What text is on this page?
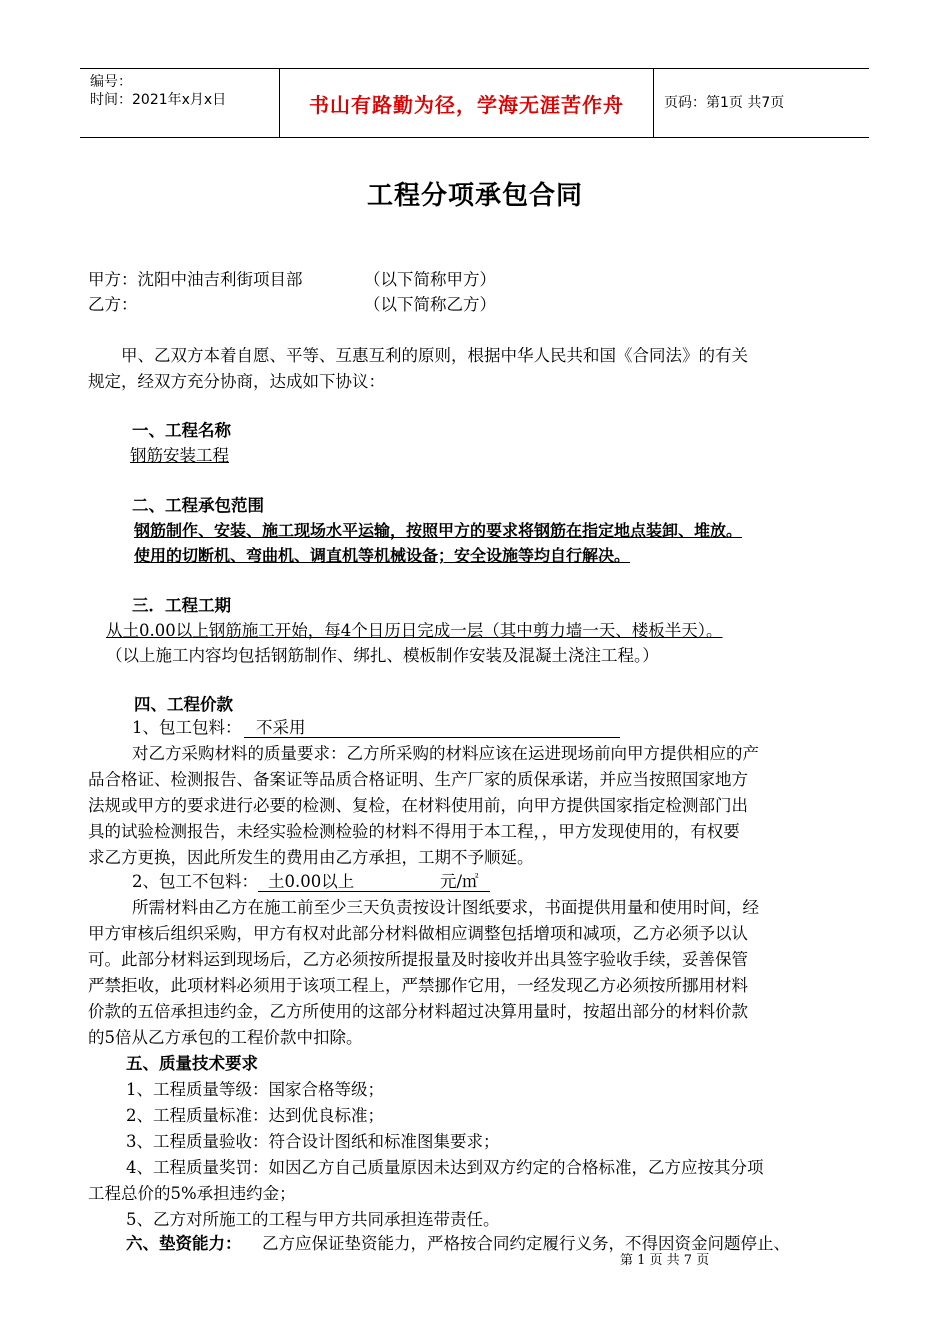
编号：
时间：2021年x月x日	书山有路勤为径，学海无涯苦作舟	页码：第1页 共7页
工程分项承包合同
甲方：沈阳中油吉利街项目部	（以下简称甲方）
乙方：	（以下简称乙方）
甲、乙双方本着自愿、平等、互惠互利的原则，根据中华人民共和国《合同法》的有关
规定，经双方充分协商，达成如下协议：
一、工程名称
钢筋安装工程
二、工程承包范围
钢筋制作、安装、施工现场水平运输，按照甲方的要求将钢筋在指定地点装卸、堆放。
使用的切断机、弯曲机、调直机等机械设备；安全设施等均自行解决。
三．工程工期
从土0.00以上钢筋施工开始，每4个日历日完成一层（其中剪力墙一天、楼板半天）。
（以上施工内容均包括钢筋制作、绑扎、模板制作安装及混凝土浇注工程。）
四、工程价款
1、包工包料： 不采用
对乙方采购材料的质量要求：乙方所采购的材料应该在运进现场前向甲方提供相应的产
品合格证、检测报告、备案证等品质合格证明、生产厂家的质保承诺，并应当按照国家地方
法规或甲方的要求进行必要的检测、复检，在材料使用前，向甲方提供国家指定检测部门出
具的试验检测报告，未经实验检测检验的材料不得用于本工程，，甲方发现使用的，有权要
求乙方更换，因此所发生的费用由乙方承担，工期不予顺延。
2、包工不包料： 土0.00以上	元/㎡
所需材料由乙方在施工前至少三天负责按设计图纸要求，书面提供用量和使用时间，经
甲方审核后组织采购，甲方有权对此部分材料做相应调整包括增项和减项，乙方必须予以认
可。此部分材料运到现场后，乙方必须按所提报量及时接收并出具签字验收手续，妥善保管
严禁拒收，此项材料必须用于该项工程上，严禁挪作它用，一经发现乙方必须按所挪用材料
价款的五倍承担违约金，乙方所使用的这部分材料超过决算用量时，按超出部分的材料价款
的5倍从乙方承包的工程价款中扣除。
五、质量技术要求
1、工程质量等级：国家合格等级；
2、工程质量标准：达到优良标准；
3、工程质量验收：符合设计图纸和标准图集要求；
4、工程质量奖罚：如因乙方自己质量原因未达到双方约定的合格标准，乙方应按其分项
工程总价的5%承担违约金；
5、乙方对所施工的工程与甲方共同承担连带责任。
六、垫资能力： 乙方应保证垫资能力，严格按合同约定履行义务，不得因资金问题停止、
第 1 页 共 7 页
